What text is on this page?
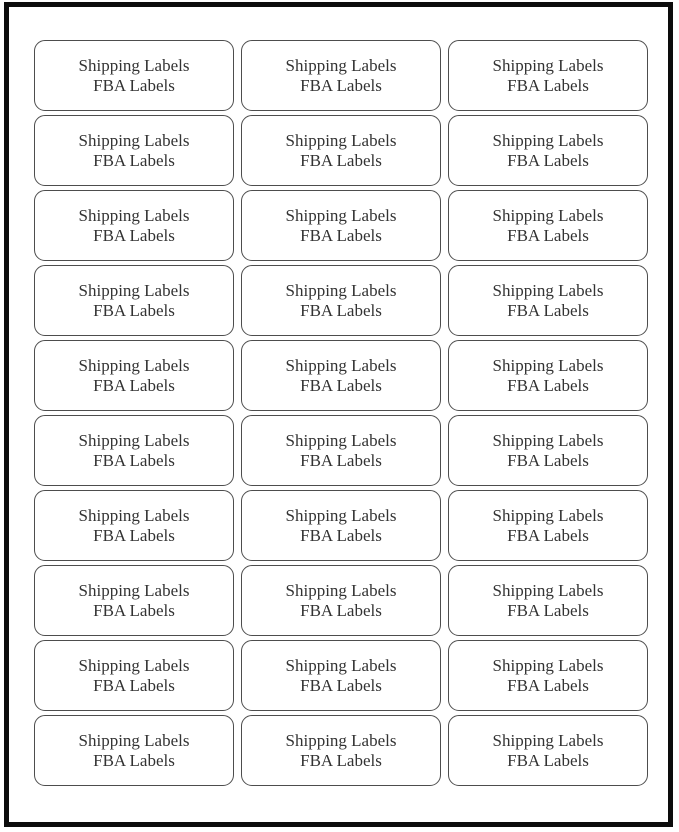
Shipping Labels
FBA Labels
Shipping Labels
FBA Labels
Shipping Labels
FBA Labels
Shipping Labels
FBA Labels
Shipping Labels
FBA Labels
Shipping Labels
FBA Labels
Shipping Labels
FBA Labels
Shipping Labels
FBA Labels
Shipping Labels
FBA Labels
Shipping Labels
FBA Labels
Shipping Labels
FBA Labels
Shipping Labels
FBA Labels
Shipping Labels
FBA Labels
Shipping Labels
FBA Labels
Shipping Labels
FBA Labels
Shipping Labels
FBA Labels
Shipping Labels
FBA Labels
Shipping Labels
FBA Labels
Shipping Labels
FBA Labels
Shipping Labels
FBA Labels
Shipping Labels
FBA Labels
Shipping Labels
FBA Labels
Shipping Labels
FBA Labels
Shipping Labels
FBA Labels
Shipping Labels
FBA Labels
Shipping Labels
FBA Labels
Shipping Labels
FBA Labels
Shipping Labels
FBA Labels
Shipping Labels
FBA Labels
Shipping Labels
FBA Labels
